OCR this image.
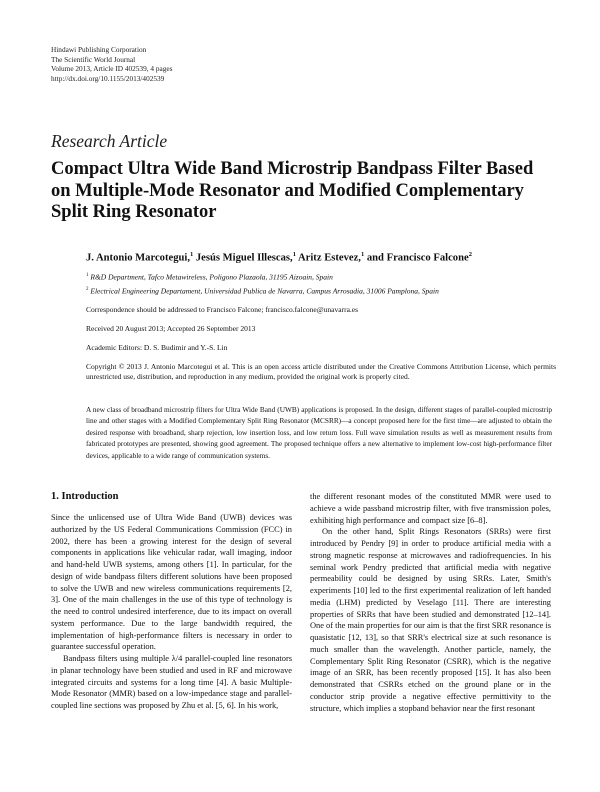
Hindawi Publishing Corporation
The Scientific World Journal
Volume 2013, Article ID 402539, 4 pages
http://dx.doi.org/10.1155/2013/402539
Research Article
Compact Ultra Wide Band Microstrip Bandpass Filter Based on Multiple-Mode Resonator and Modified Complementary Split Ring Resonator
J. Antonio Marcotegui,$^1$ Jesús Miguel Illescas,$^1$ Aritz Estevez,$^1$ and Francisco Falcone$^2$
$^1$ R&D Department, Tafco Metawireless, Poligono Plazaola, 31195 Aizoain, Spain
$^2$ Electrical Engineering Departament, Universidad Publica de Navarra, Campus Arrosadia, 31006 Pamplona, Spain
Correspondence should be addressed to Francisco Falcone; francisco.falcone@unavarra.es
Received 20 August 2013; Accepted 26 September 2013
Academic Editors: D. S. Budimir and Y.-S. Lin
Copyright © 2013 J. Antonio Marcotegui et al. This is an open access article distributed under the Creative Commons Attribution License, which permits unrestricted use, distribution, and reproduction in any medium, provided the original work is properly cited.
A new class of broadband microstrip filters for Ultra Wide Band (UWB) applications is proposed. In the design, different stages of parallel-coupled microstrip line and other stages with a Modified Complementary Split Ring Resonator (MCSRR)—a concept proposed here for the first time—are adjusted to obtain the desired response with broadband, sharp rejection, low insertion loss, and low return loss. Full wave simulation results as well as measurement results from fabricated prototypes are presented, showing good agreement. The proposed technique offers a new alternative to implement low-cost high-performance filter devices, applicable to a wide range of communication systems.
1. Introduction

Since the unlicensed use of Ultra Wide Band (UWB) devices was authorized by the US Federal Communications Commission (FCC) in 2002, there has been a growing interest for the design of several components in applications like vehicular radar, wall imaging, indoor and hand-held UWB systems, among others [1]. In particular, for the design of wide bandpass filters different solutions have been proposed to solve the UWB and new wireless communications requirements [2, 3]. One of the main challenges in the use of this type of technology is the need to control undesired interference, due to its impact on overall system performance. Due to the large bandwidth required, the implementation of high-performance filters is necessary in order to guarantee successful operation.

Bandpass filters using multiple λ/4 parallel-coupled line resonators in planar technology have been studied and used in RF and microwave integrated circuits and systems for a long time [4]. A basic Multiple-Mode Resonator (MMR) based on a low-impedance stage and parallel-coupled line sections was proposed by Zhu et al. [5, 6]. In his work,

the different resonant modes of the constituted MMR were used to achieve a wide passband microstrip filter, with five transmission poles, exhibiting high performance and compact size [6–8].

On the other hand, Split Rings Resonators (SRRs) were first introduced by Pendry [9] in order to produce artificial media with a strong magnetic response at microwaves and radiofrequencies. In his seminal work Pendry predicted that artificial media with negative permeability could be designed by using SRRs. Later, Smith's experiments [10] led to the first experimental realization of left handed media (LHM) predicted by Veselago [11]. There are interesting properties of SRRs that have been studied and demonstrated [12–14]. One of the main properties for our aim is that the first SRR resonance is quasistatic [12, 13], so that SRR's electrical size at such resonance is much smaller than the wavelength. Another particle, namely, the Complementary Split Ring Resonator (CSRR), which is the negative image of an SRR, has been recently proposed [15]. It has also been demonstrated that CSRRs etched on the ground plane or in the conductor strip provide a negative effective permittivity to the structure, which implies a stopband behavior near the first resonant
